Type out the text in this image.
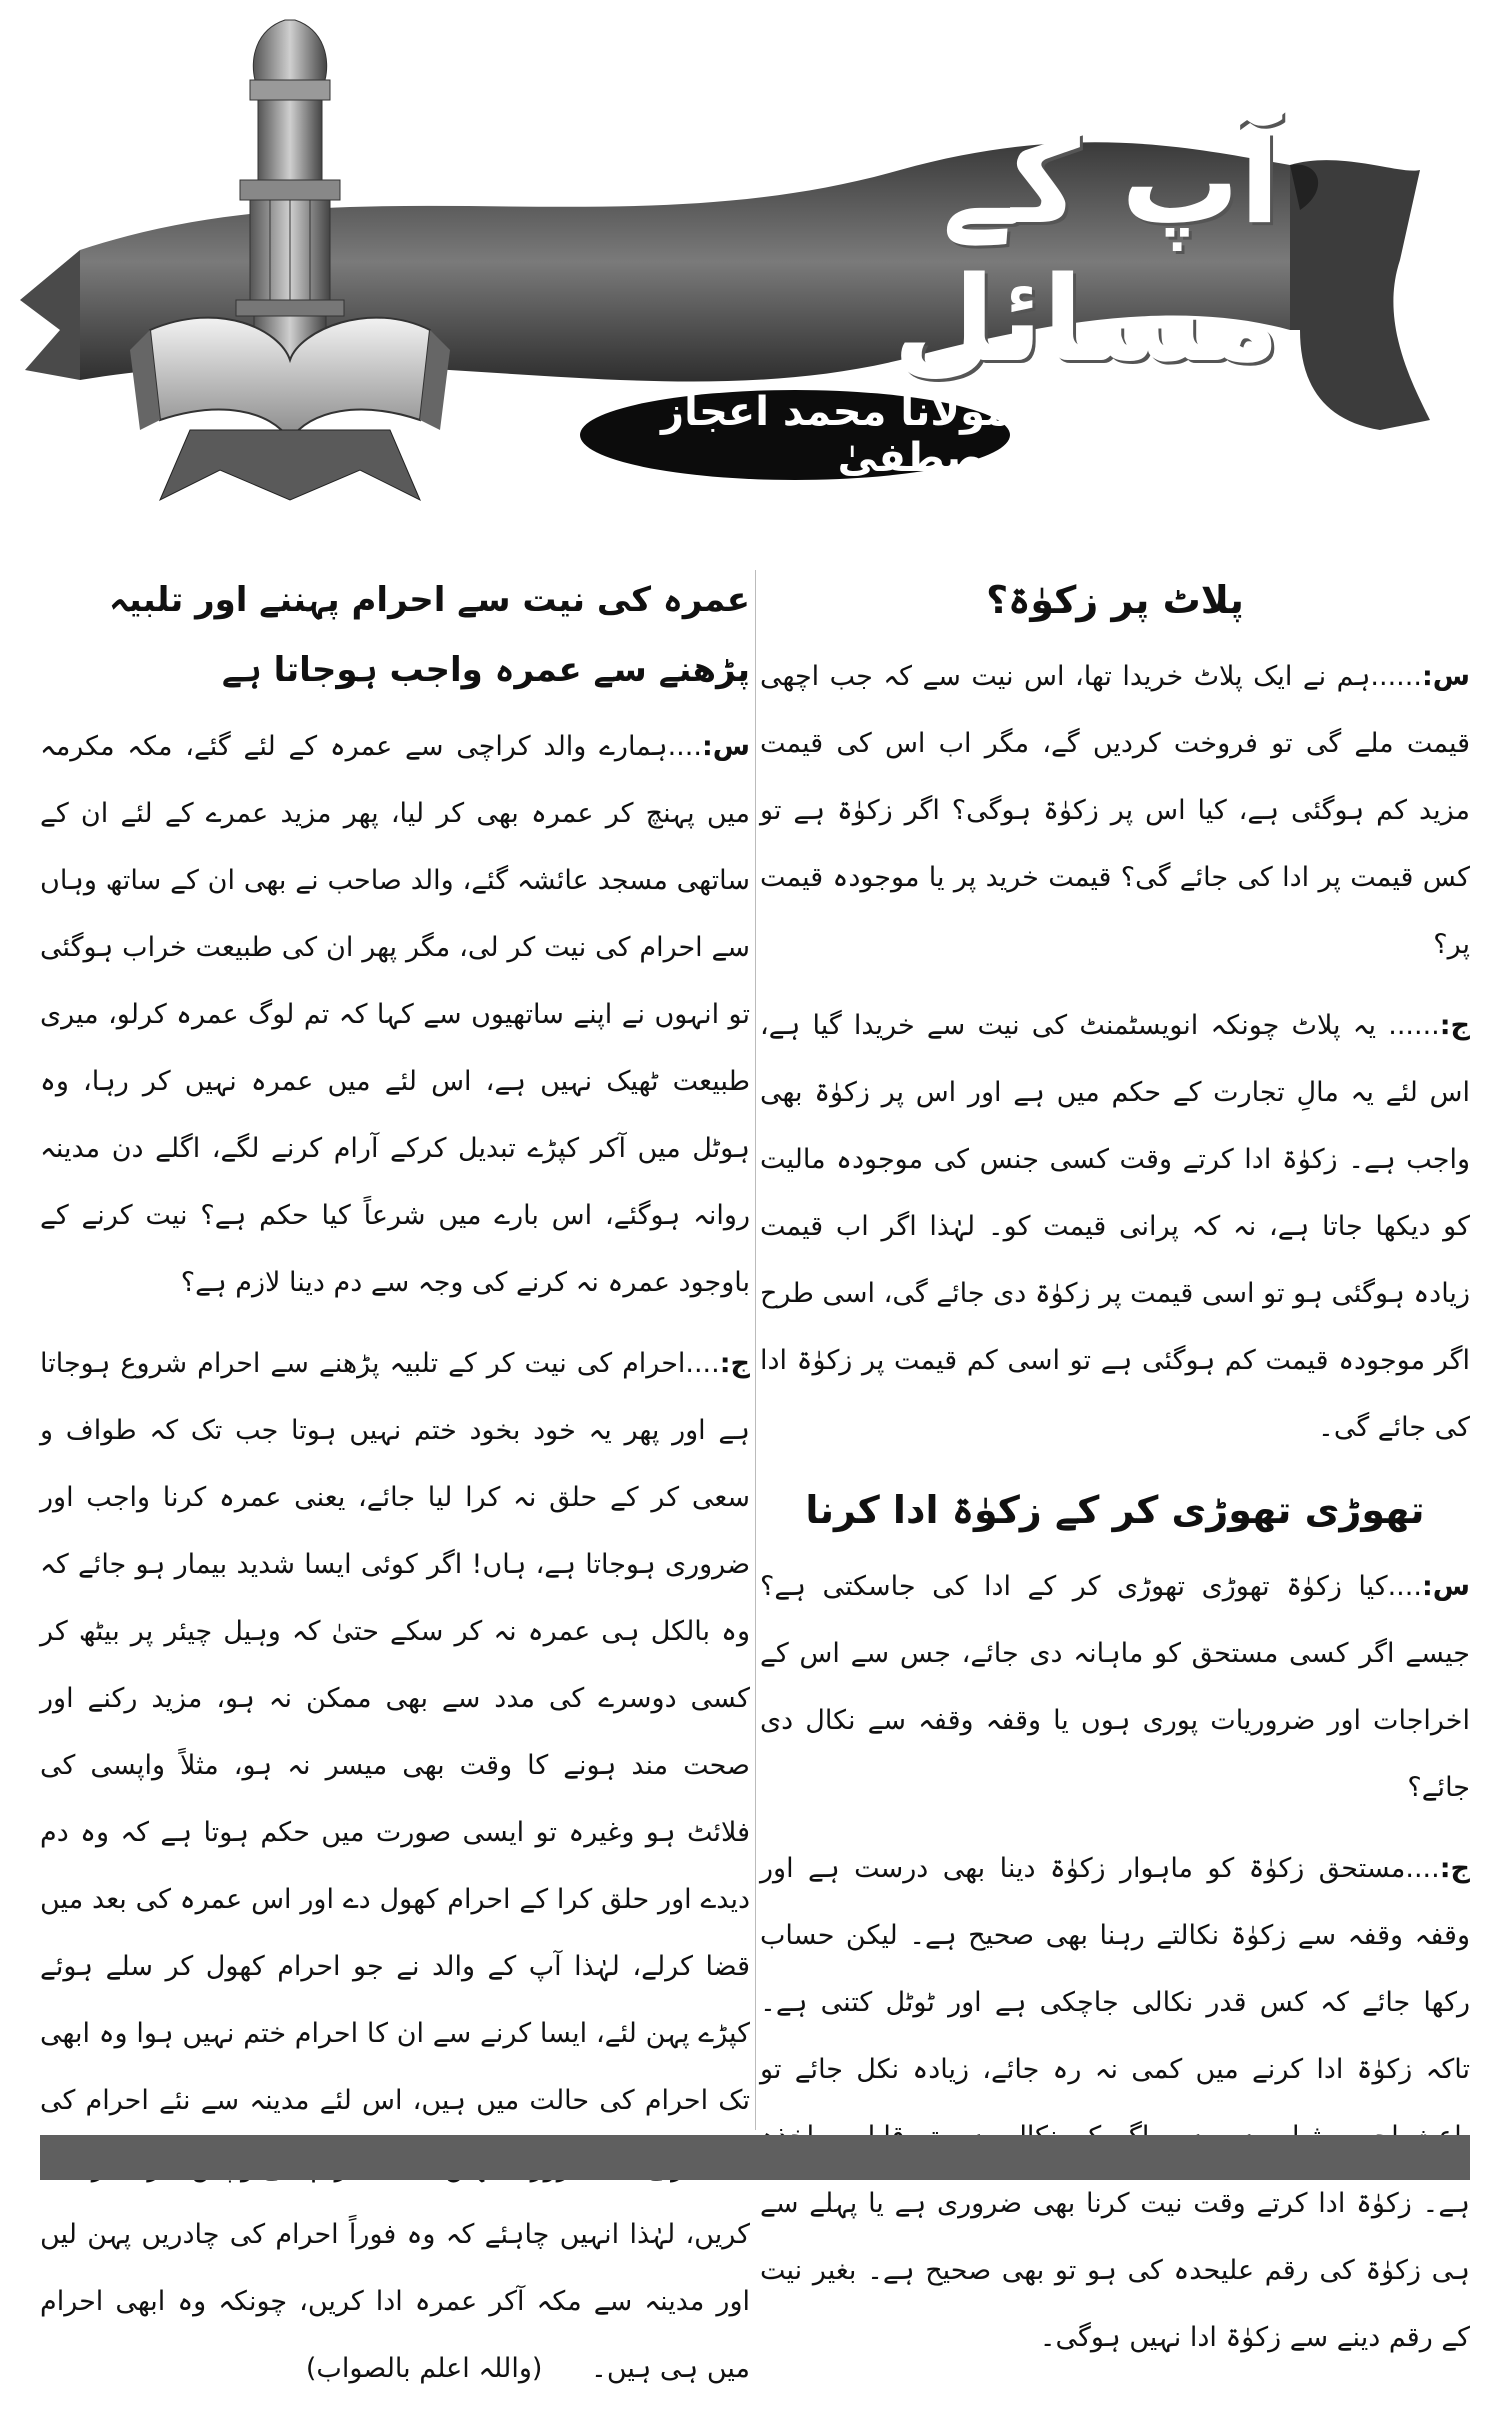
آپ کے مسائل
مولانا محمد اعجاز مصطفیٰ
پلاٹ پر زکوٰۃ؟

س:......ہم نے ایک پلاٹ خریدا تھا، اس نیت سے کہ جب اچھی قیمت ملے گی تو فروخت کردیں گے، مگر اب اس کی قیمت مزید کم ہوگئی ہے، کیا اس پر زکوٰۃ ہوگی؟ اگر زکوٰۃ ہے تو کس قیمت پر ادا کی جائے گی؟ قیمت خرید پر یا موجودہ قیمت پر؟

ج:...... یہ پلاٹ چونکہ انویسٹمنٹ کی نیت سے خریدا گیا ہے، اس لئے یہ مالِ تجارت کے حکم میں ہے اور اس پر زکوٰۃ بھی واجب ہے۔ زکوٰۃ ادا کرتے وقت کسی جنس کی موجودہ مالیت کو دیکھا جاتا ہے، نہ کہ پرانی قیمت کو۔ لہٰذا اگر اب قیمت زیادہ ہوگئی ہو تو اسی قیمت پر زکوٰۃ دی جائے گی، اسی طرح اگر موجودہ قیمت کم ہوگئی ہے تو اسی کم قیمت پر زکوٰۃ ادا کی جائے گی۔

تھوڑی تھوڑی کر کے زکوٰۃ ادا کرنا

س:....کیا زکوٰۃ تھوڑی تھوڑی کر کے ادا کی جاسکتی ہے؟ جیسے اگر کسی مستحق کو ماہانہ دی جائے، جس سے اس کے اخراجات اور ضروریات پوری ہوں یا وقفہ وقفہ سے نکال دی جائے؟

ج:....مستحق زکوٰۃ کو ماہوار زکوٰۃ دینا بھی درست ہے اور وقفہ وقفہ سے زکوٰۃ نکالتے رہنا بھی صحیح ہے۔ لیکن حساب رکھا جائے کہ کس قدر نکالی جاچکی ہے اور ٹوٹل کتنی ہے۔ تاکہ زکوٰۃ ادا کرنے میں کمی نہ رہ جائے، زیادہ نکل جائے تو ہے۔ زکوٰۃ ادا کرتے وقت نیت کرنا بھی ضروری ہے یا پہلے سے ہی زکوٰۃ کی رقم علیحدہ کی ہو تو بھی صحیح ہے۔ بغیر نیت کے رقم دینے سے زکوٰۃ ادا نہیں ہوگی۔

عمرہ کی نیت سے احرام پہننے اور تلبیہ پڑھنے سے عمرہ واجب ہوجاتا ہے

س:....ہمارے والد کراچی سے عمرہ کے لئے گئے، مکہ مکرمہ میں پہنچ کر عمرہ بھی کر لیا، پھر مزید عمرے کے لئے ان کے ساتھی مسجد عائشہ گئے، والد صاحب نے بھی ان کے ساتھ وہاں سے احرام کی نیت کر لی، مگر پھر ان کی طبیعت خراب ہوگئی تو انہوں نے اپنے ساتھیوں سے کہا کہ تم لوگ عمرہ کرلو، میری طبیعت ٹھیک نہیں ہے، اس لئے میں عمرہ نہیں کر رہا، وہ ہوٹل میں آکر کپڑے تبدیل کرکے آرام کرنے لگے، اگلے دن مدینہ روانہ ہوگئے، اس بارے میں شرعاً کیا حکم ہے؟ نیت کرنے کے باوجود عمرہ نہ کرنے کی وجہ سے دم دینا لازم ہے؟

ج:....احرام کی نیت کر کے تلبیہ پڑھنے سے احرام شروع ہوجاتا ہے اور پھر یہ خود بخود ختم نہیں ہوتا جب تک کہ طواف و سعی کر کے حلق نہ کرا لیا جائے، یعنی عمرہ کرنا واجب اور ضروری ہوجاتا ہے، ہاں! اگر کوئی ایسا شدید بیمار ہو جائے کہ وہ بالکل ہی عمرہ نہ کر سکے حتیٰ کہ وہیل چیئر پر بیٹھ کر کسی دوسرے کی مدد سے بھی ممکن نہ ہو، مزید رکنے اور صحت مند ہونے کا وقت بھی میسر نہ ہو، مثلاً واپسی کی فلائٹ ہو وغیرہ تو ایسی صورت میں حکم ہوتا ہے کہ وہ دم دیدے اور حلق کرا کے احرام کھول دے اور اس عمرہ کی بعد میں قضا کرلے، لہٰذا آپ کے والد نے جو احرام کھول کر سلے ہوئے کپڑے پہن لئے، ایسا کرنے سے ان کا احرام ختم نہیں ہوا وہ ابھی تک احرام کی حالت میں ہیں، اس لئے مدینہ سے نئے احرام کی کریں، لہٰذا انہیں چاہئے کہ وہ فوراً احرام کی چادریں پہن لیں اور مدینہ سے مکہ آکر عمرہ ادا کریں، چونکہ وہ ابھی احرام میں ہی ہیں۔ (واللہ اعلم بالصواب)
